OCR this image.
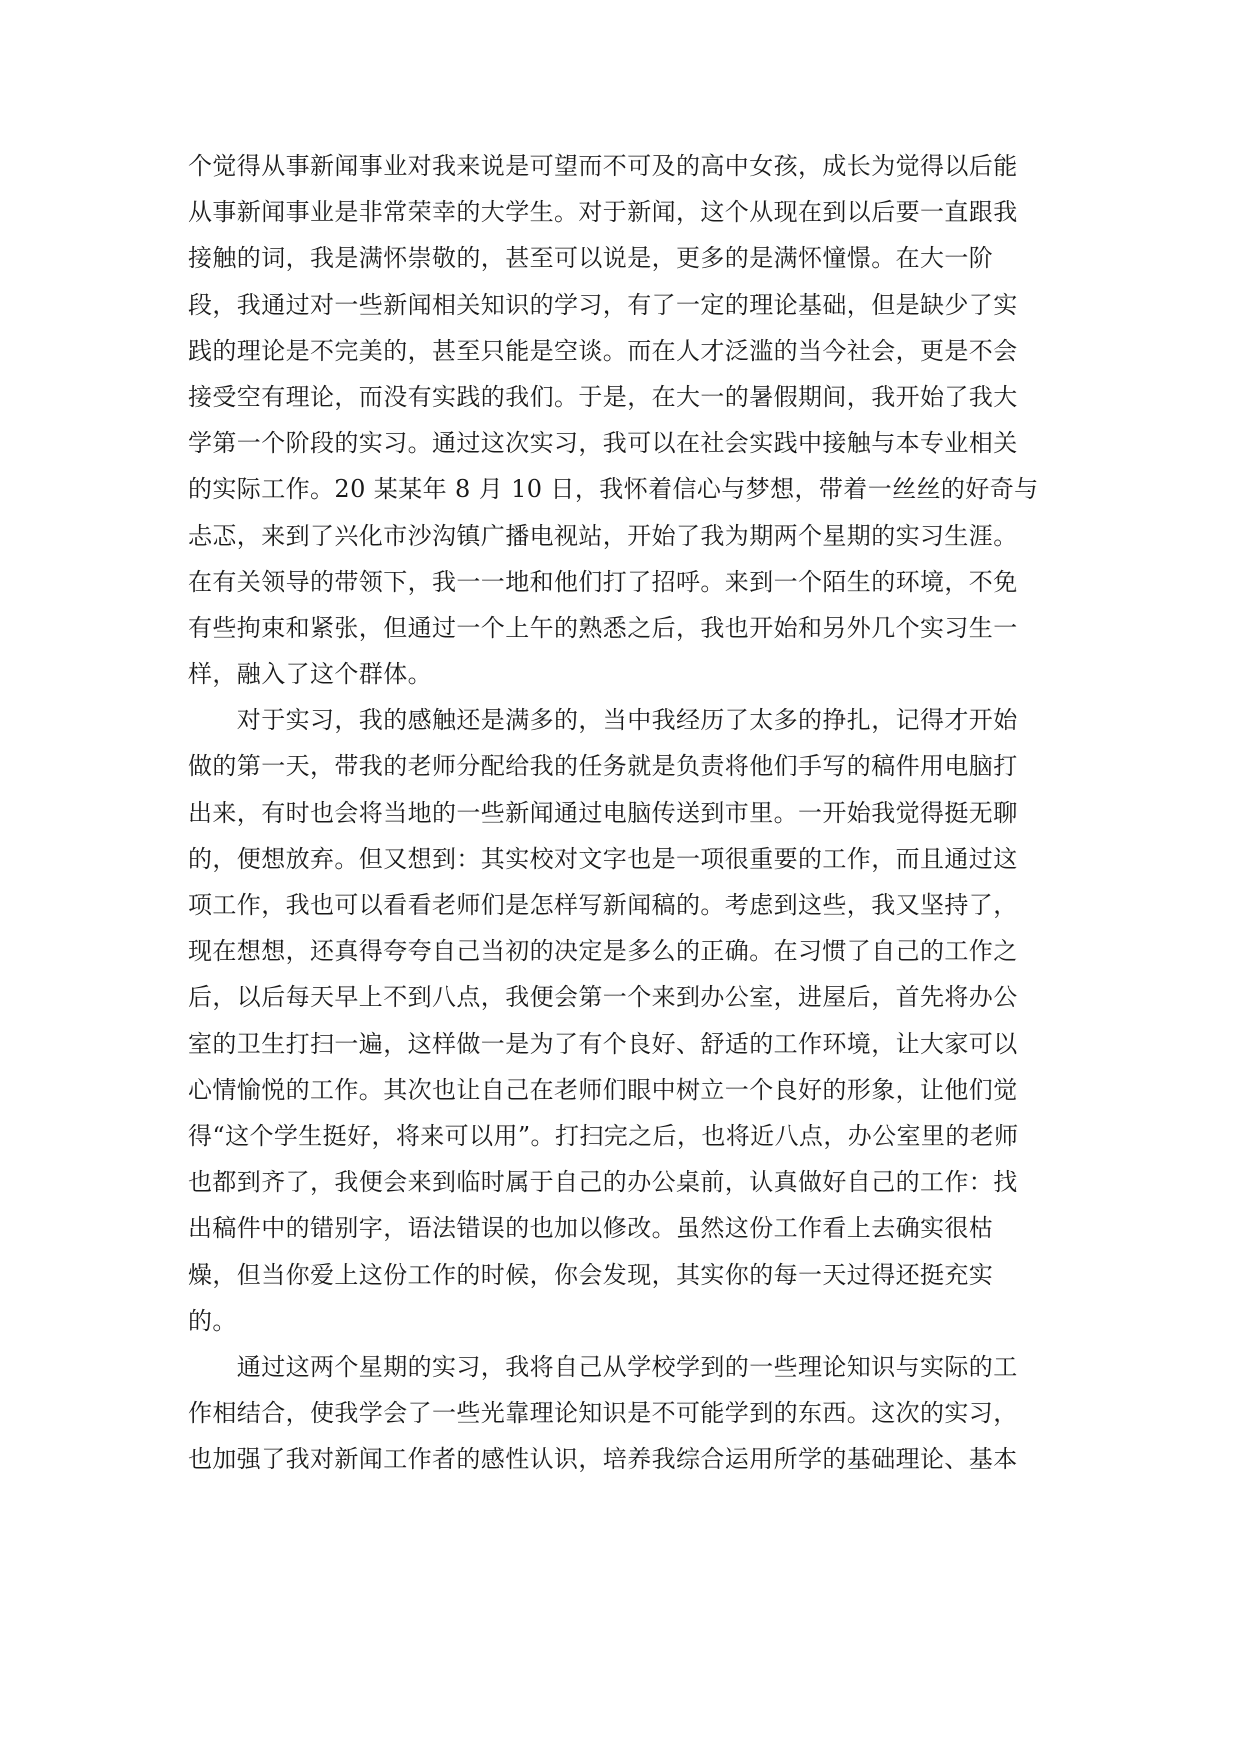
个觉得从事新闻事业对我来说是可望而不可及的高中女孩，成长为觉得以后能
从事新闻事业是非常荣幸的大学生。对于新闻，这个从现在到以后要一直跟我
接触的词，我是满怀崇敬的，甚至可以说是，更多的是满怀憧憬。在大一阶
段，我通过对一些新闻相关知识的学习，有了一定的理论基础，但是缺少了实
践的理论是不完美的，甚至只能是空谈。而在人才泛滥的当今社会，更是不会
接受空有理论，而没有实践的我们。于是，在大一的暑假期间，我开始了我大
学第一个阶段的实习。通过这次实习，我可以在社会实践中接触与本专业相关
的实际工作。20 某某年 8 月 10 日，我怀着信心与梦想，带着一丝丝的好奇与
忐忑，来到了兴化市沙沟镇广播电视站，开始了我为期两个星期的实习生涯。
在有关领导的带领下，我一一地和他们打了招呼。来到一个陌生的环境，不免
有些拘束和紧张，但通过一个上午的熟悉之后，我也开始和另外几个实习生一
样，融入了这个群体。
　　对于实习，我的感触还是满多的，当中我经历了太多的挣扎，记得才开始
做的第一天，带我的老师分配给我的任务就是负责将他们手写的稿件用电脑打
出来，有时也会将当地的一些新闻通过电脑传送到市里。一开始我觉得挺无聊
的，便想放弃。但又想到：其实校对文字也是一项很重要的工作，而且通过这
项工作，我也可以看看老师们是怎样写新闻稿的。考虑到这些，我又坚持了，
现在想想，还真得夸夸自己当初的决定是多么的正确。在习惯了自己的工作之
后，以后每天早上不到八点，我便会第一个来到办公室，进屋后，首先将办公
室的卫生打扫一遍，这样做一是为了有个良好、舒适的工作环境，让大家可以
心情愉悦的工作。其次也让自己在老师们眼中树立一个良好的形象，让他们觉
得“这个学生挺好，将来可以用”。打扫完之后，也将近八点，办公室里的老师
也都到齐了，我便会来到临时属于自己的办公桌前，认真做好自己的工作：找
出稿件中的错别字，语法错误的也加以修改。虽然这份工作看上去确实很枯
燥，但当你爱上这份工作的时候，你会发现，其实你的每一天过得还挺充实
的。
　　通过这两个星期的实习，我将自己从学校学到的一些理论知识与实际的工
作相结合，使我学会了一些光靠理论知识是不可能学到的东西。这次的实习，
也加强了我对新闻工作者的感性认识，培养我综合运用所学的基础理论、基本
